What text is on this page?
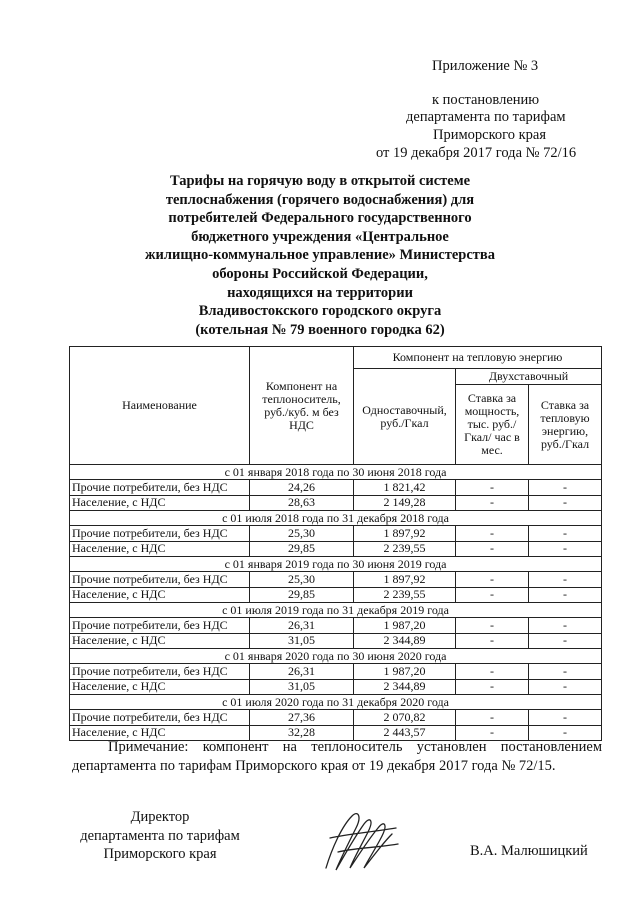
Приложение № 3
к постановлению
департамента по тарифам
Приморского края
от 19 декабря 2017 года № 72/16
Тарифы на горячую воду в открытой системе
теплоснабжения (горячего водоснабжения) для
потребителей Федерального государственного
бюджетного учреждения «Центральное
жилищно-коммунальное управление» Министерства
обороны Российской Федерации,
находящихся на территории
Владивостокского городского округа
(котельная № 79 военного городка 62)
Наименование	Компонент на теплоноситель, руб./куб. м без НДС	Компонент на тепловую энергию		
		Одноставочный, руб./Гкал	Двухставочный	
			Ставка за мощность, тыс. руб./Гкал/ час в мес.	Ставка за тепловую энергию, руб./Гкал
с 01 января 2018 года по 30 июня 2018 года				
Прочие потребители, без НДС	24,26	1 821,42	-	-
Население, с НДС	28,63	2 149,28	-	-
с 01 июля 2018 года по 31 декабря 2018 года				
Прочие потребители, без НДС	25,30	1 897,92	-	-
Население, с НДС	29,85	2 239,55	-	-
с 01 января 2019 года по 30 июня 2019 года				
Прочие потребители, без НДС	25,30	1 897,92	-	-
Население, с НДС	29,85	2 239,55	-	-
с 01 июля 2019 года по 31 декабря 2019 года				
Прочие потребители, без НДС	26,31	1 987,20	-	-
Население, с НДС	31,05	2 344,89	-	-
с 01 января 2020 года по 30 июня 2020 года				
Прочие потребители, без НДС	26,31	1 987,20	-	-
Население, с НДС	31,05	2 344,89	-	-
с 01 июля 2020 года по 31 декабря 2020 года				
Прочие потребители, без НДС	27,36	2 070,82	-	-
Население, с НДС	32,28	2 443,57	-	-
Примечание: компонент на теплоноситель установлен постановлением
департамента по тарифам Приморского края от 19 декабря 2017 года № 72/15.
Директор
департамента по тарифам
Приморского края	В.А. Малюшицкий
